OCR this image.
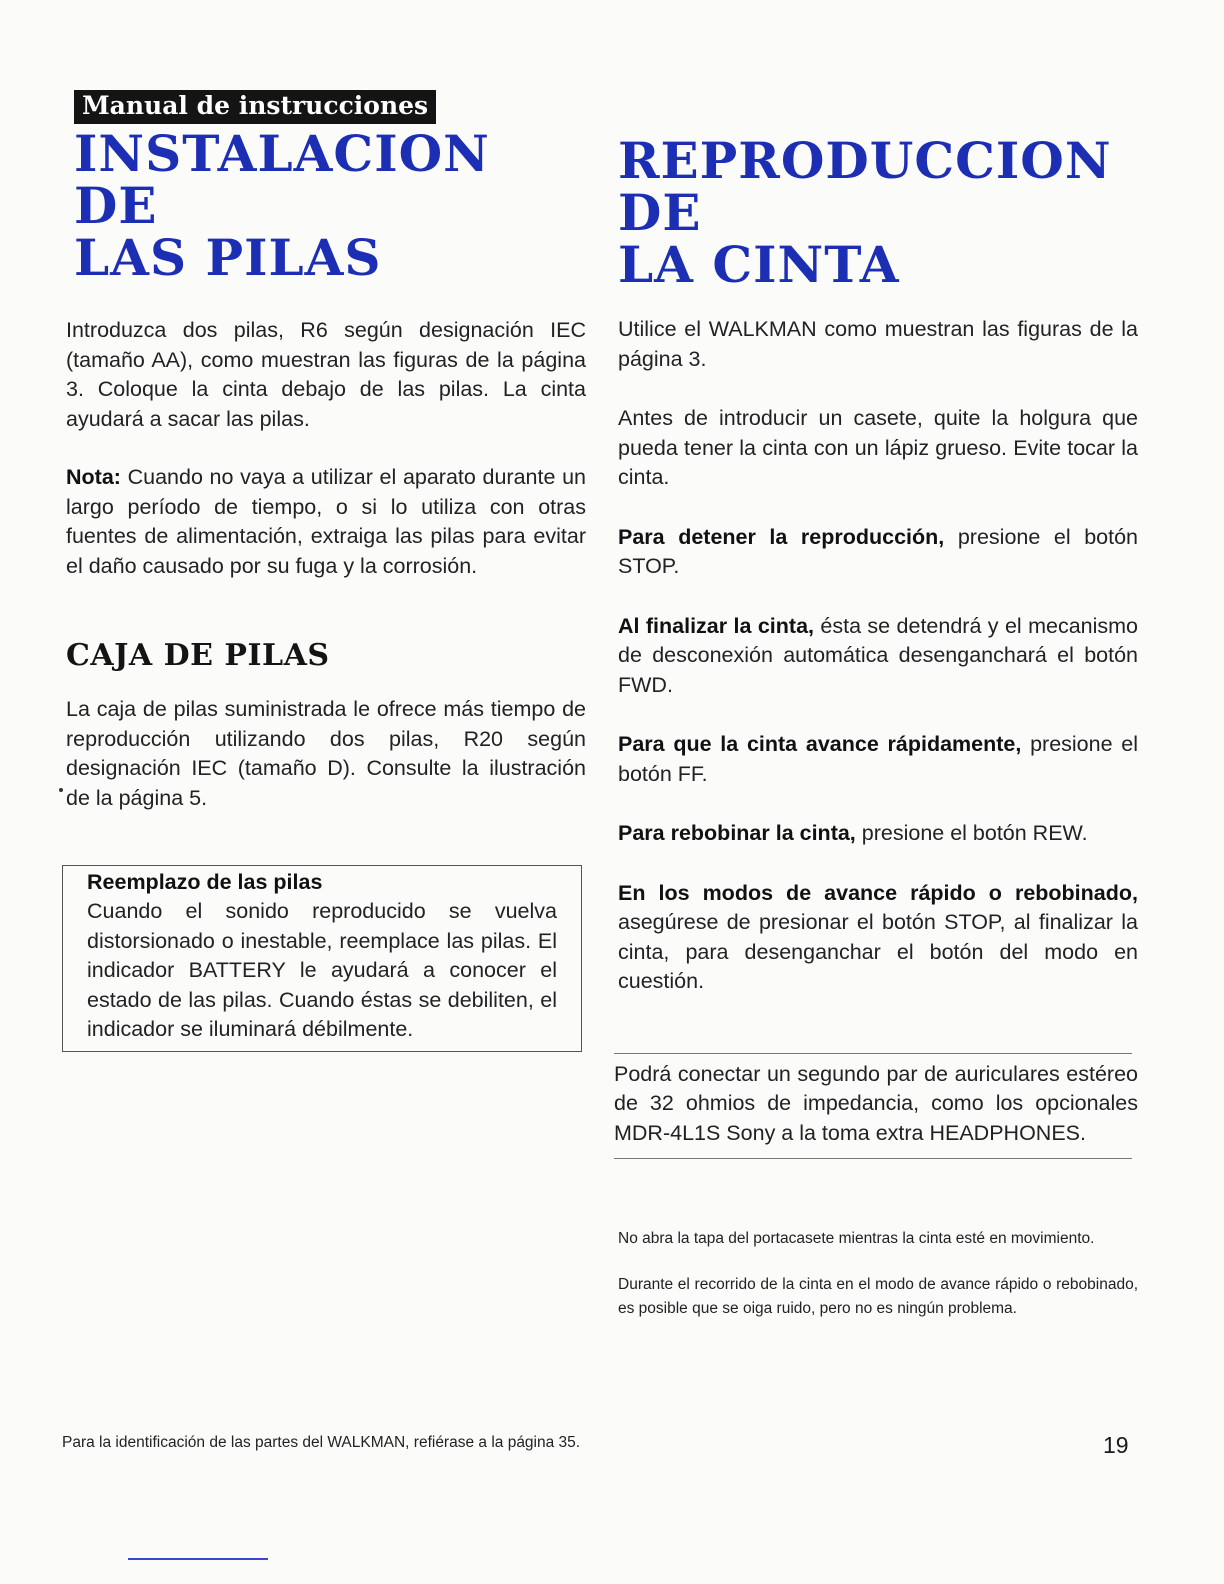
Manual de instrucciones
INSTALACION DE
LAS PILAS

Introduzca dos pilas, R6 según designación IEC (tamaño AA), como muestran las figuras de la página 3. Coloque la cinta debajo de las pilas. La cinta ayudará a sacar las pilas.

Nota: Cuando no vaya a utilizar el aparato durante un largo período de tiempo, o si lo utiliza con otras fuentes de alimentación, extraiga las pilas para evitar el daño causado por su fuga y la corrosión.

CAJA DE PILAS

La caja de pilas suministrada le ofrece más tiempo de reproducción utilizando dos pilas, R20 según designación IEC (tamaño D). Consulte la ilustración de la página 5.

Reemplazo de las pilas

Cuando el sonido reproducido se vuelva distorsionado o inestable, reemplace las pilas. El indicador BATTERY le ayudará a conocer el estado de las pilas. Cuando éstas se debiliten, el indicador se iluminará débilmente.

REPRODUCCION DE
LA CINTA

Utilice el WALKMAN como muestran las figuras de la página 3.

Antes de introducir un casete, quite la holgura que pueda tener la cinta con un lápiz grueso. Evite tocar la cinta.

Para detener la reproducción, presione el botón STOP.

Al finalizar la cinta, ésta se detendrá y el mecanismo de desconexión automática desenganchará el botón FWD.

Para que la cinta avance rápidamente, presione el botón FF.

Para rebobinar la cinta, presione el botón REW.

En los modos de avance rápido o rebobinado, asegúrese de presionar el botón STOP, al finalizar la cinta, para desenganchar el botón del modo en cuestión.

Podrá conectar un segundo par de auriculares estéreo de 32 ohmios de impedancia, como los opcionales MDR-4L1S Sony a la toma extra HEADPHONES.

No abra la tapa del portacasete mientras la cinta esté en movimiento.

Durante el recorrido de la cinta en el modo de avance rápido o rebobinado, es posible que se oiga ruido, pero no es ningún problema.

Para la identificación de las partes del WALKMAN, refiérase a la página 35.	19
